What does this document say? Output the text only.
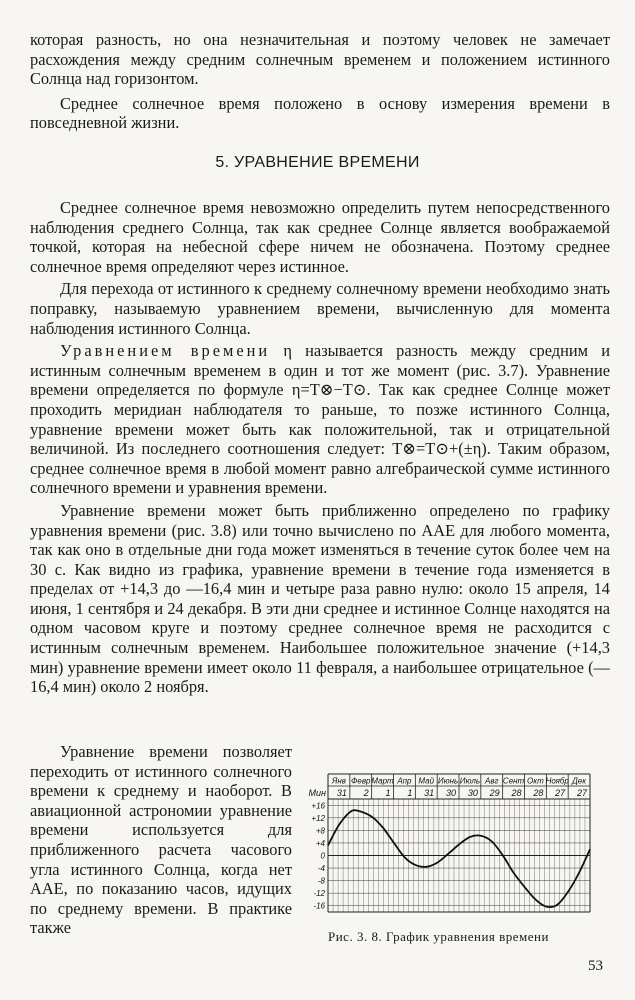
которая разность, но она незначительная и поэтому человек не замечает расхождения между средним солнечным временем и положением истинного Солнца над горизонтом.

Среднее солнечное время положено в основу измерения времени в повседневной жизни.

5. УРАВНЕНИЕ ВРЕМЕНИ

Среднее солнечное время невозможно определить путем непосредственного наблюдения среднего Солнца, так как среднее Солнце является воображаемой точкой, которая на небесной сфере ничем не обозначена. Поэтому среднее солнечное время определяют через истинное.

Для перехода от истинного к среднему солнечному времени необходимо знать поправку, называемую уравнением времени, вычисленную для момента наблюдения истинного Солнца.

Уравнением времени η называется разность между средним и истинным солнечным временем в один и тот же момент (рис. 3.7). Уравнение времени определяется по формуле η=T⊗−T⊙. Так как среднее Солнце может проходить меридиан наблюдателя то раньше, то позже истинного Солнца, уравнение времени может быть как положительной, так и отрицательной величиной. Из последнего соотношения следует: T⊗=T⊙+(±η). Таким образом, среднее солнечное время в любой момент равно алгебраической сумме истинного солнечного времени и уравнения времени.

Уравнение времени может быть приближенно определено по графику уравнения времени (рис. 3.8) или точно вычислено по ААЕ для любого момента, так как оно в отдельные дни года может изменяться в течение суток более чем на 30 с. Как видно из графика, уравнение времени в течение года изменяется в пределах от +14,3 до —16,4 мин и четыре раза равно нулю: около 15 апреля, 14 июня, 1 сентября и 24 декабря. В эти дни среднее и истинное Солнце находятся на одном часовом круге и поэтому среднее солнечное время не расходится с истинным солнечным временем. Наибольшее положительное значение (+14,3 мин) уравнение времени имеет около 11 февраля, а наибольшее отрицательное (—16,4 мин) около 2 ноября.

Уравнение времени позволяет переходить от истинного солнечного времени к среднему и наоборот. В авиационной астрономии уравнение времени используется для приближенного расчета часового угла истинного Солнца, когда нет ААЕ, по показанию часов, идущих по среднему времени. В практике также

Янв
31
Февр
2
Март
1
Апр
1
Май
31
Июнь
30
Июль
30
Авг
29
Сент
28
Окт
28
Ноябр
27
Дек
27
Мин
+16
+12
+8
+4
0
-4
-8
-12
-16
Рис. 3. 8. График уравнения времени
53
